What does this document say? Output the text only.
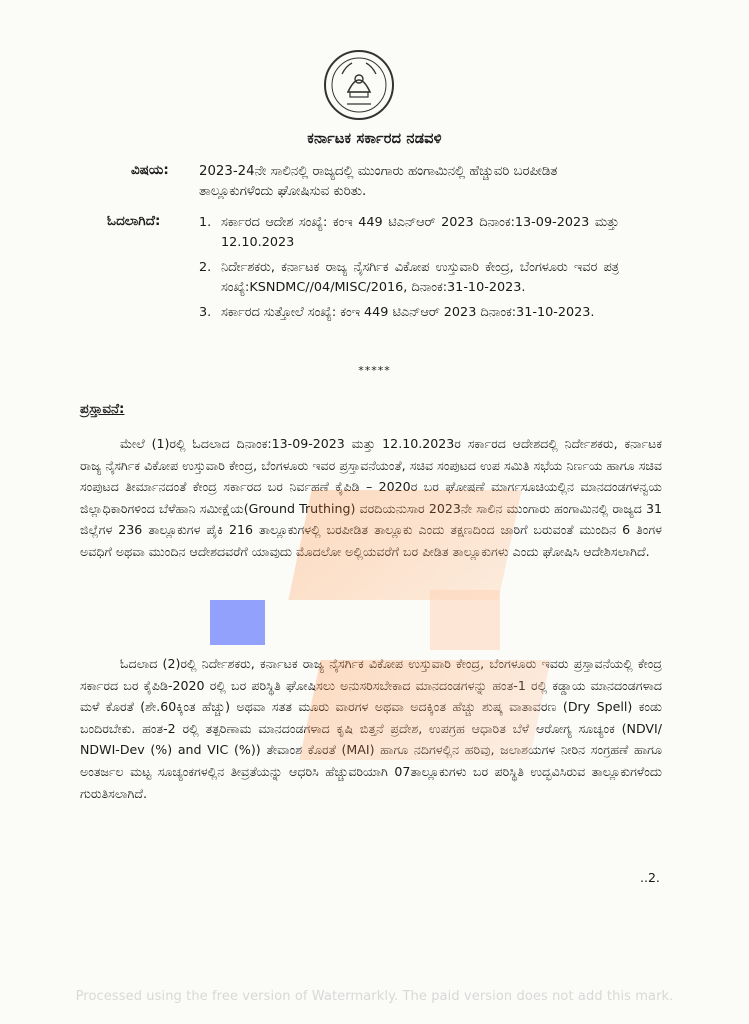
ಕರ್ನಾಟಕ ಸರ್ಕಾರದ ನಡವಳಿ
ವಿಷಯ: 2023-24ನೇ ಸಾಲಿನಲ್ಲಿ ರಾಜ್ಯದಲ್ಲಿ ಮುಂಗಾರು ಹಂಗಾಮಿನಲ್ಲಿ ಹೆಚ್ಚುವರಿ ಬರಪೀಡಿತ ತಾಲ್ಲೂಕುಗಳೆಂದು ಘೋಷಿಸುವ ಕುರಿತು.
ಓದಲಾಗಿದೆ:	1. ಸರ್ಕಾರದ ಆದೇಶ ಸಂಖ್ಯೆ: ಕಂಇ 449 ಟಿಎನ್‌ಆರ್ 2023 ದಿನಾಂಕ:13-09-2023 ಮತ್ತು 12.10.2023
2. ನಿರ್ದೇಶಕರು, ಕರ್ನಾಟಕ ರಾಜ್ಯ ನೈಸರ್ಗಿಕ ವಿಕೋಪ ಉಸ್ತುವಾರಿ ಕೇಂದ್ರ, ಬೆಂಗಳೂರು ಇವರ ಪತ್ರ ಸಂಖ್ಯೆ:KSNDMC//04/MISC/2016, ದಿನಾಂಕ:31-10-2023.
3. ಸರ್ಕಾರದ ಸುತ್ತೋಲೆ ಸಂಖ್ಯೆ: ಕಂಇ 449 ಟಿಎನ್‌ಆರ್ 2023 ದಿನಾಂಕ:31-10-2023.
*****
ಪ್ರಸ್ತಾವನೆ:

ಮೇಲೆ (1)ರಲ್ಲಿ ಓದಲಾದ ದಿನಾಂಕ:13-09-2023 ಮತ್ತು 12.10.2023ರ ಸರ್ಕಾರದ ಆದೇಶದಲ್ಲಿ ನಿರ್ದೇಶಕರು, ಕರ್ನಾಟಕ ರಾಜ್ಯ ನೈಸರ್ಗಿಕ ವಿಕೋಪ ಉಸ್ತುವಾರಿ ಕೇಂದ್ರ, ಬೆಂಗಳೂರು ಇವರ ಪ್ರಸ್ತಾವನೆಯಂತೆ, ಸಚಿವ ಸಂಪುಟದ ಉಪ ಸಮಿತಿ ಸಭೆಯ ನಿರ್ಣಯ ಹಾಗೂ ಸಚಿವ ಸಂಪುಟದ ತೀರ್ಮಾನದಂತೆ ಕೇಂದ್ರ ಸರ್ಕಾರದ ಬರ ನಿರ್ವಹಣೆ ಕೈಪಿಡಿ – 2020ರ ಬರ ಘೋಷಣೆ ಮಾರ್ಗಸೂಚಿಯಲ್ಲಿನ ಮಾನದಂಡಗಳನ್ವಯ ಜಿಲ್ಲಾಧಿಕಾರಿಗಳಿಂದ ಬೆಳೆಹಾನಿ ಸಮೀಕ್ಷೆಯ(Ground Truthing) ವರದಿಯನುಸಾರ 2023ನೇ ಸಾಲಿನ ಮುಂಗಾರು ಹಂಗಾಮಿನಲ್ಲಿ ರಾಜ್ಯದ 31 ಜಿಲ್ಲೆಗಳ 236 ತಾಲ್ಲೂಕುಗಳ ಪೈಕಿ 216 ತಾಲ್ಲೂಕುಗಳಲ್ಲಿ ಬರಪೀಡಿತ ತಾಲ್ಲೂಕು ಎಂದು ತಕ್ಷಣದಿಂದ ಜಾರಿಗೆ ಬರುವಂತೆ ಮುಂದಿನ 6 ತಿಂಗಳ ಅವಧಿಗೆ ಅಥವಾ ಮುಂದಿನ ಆದೇಶದವರೆಗೆ ಯಾವುದು ಮೊದಲೋ ಅಲ್ಲಿಯವರೆಗೆ ಬರ ಪೀಡಿತ ತಾಲ್ಲೂಕುಗಳು ಎಂದು ಘೋಷಿಸಿ ಆದೇಶಿಸಲಾಗಿದೆ.

ಓದಲಾದ (2)ರಲ್ಲಿ ನಿರ್ದೇಶಕರು, ಕರ್ನಾಟಕ ರಾಜ್ಯ ನೈಸರ್ಗಿಕ ವಿಕೋಪ ಉಸ್ತುವಾರಿ ಕೇಂದ್ರ, ಬೆಂಗಳೂರು ಇವರು ಪ್ರಸ್ತಾವನೆಯಲ್ಲಿ ಕೇಂದ್ರ ಸರ್ಕಾರದ ಬರ ಕೈಪಿಡಿ-2020 ರಲ್ಲಿ ಬರ ಪರಿಸ್ಥಿತಿ ಘೋಷಿಸಲು ಅನುಸರಿಸಬೇಕಾದ ಮಾನದಂಡಗಳನ್ನು ಹಂತ-1 ರಲ್ಲಿ ಕಡ್ಡಾಯ ಮಾನದಂಡಗಳಾದ ಮಳೆ ಕೊರತೆ (ಶೇ.60ಕ್ಕಿಂತ ಹೆಚ್ಚು) ಅಥವಾ ಸತತ ಮೂರು ವಾರಗಳ ಅಥವಾ ಅದಕ್ಕಿಂತ ಹೆಚ್ಚು ಶುಷ್ಕ ವಾತಾವರಣ (Dry Spell) ಕಂಡು ಬಂದಿರಬೇಕು. ಹಂತ-2 ರಲ್ಲಿ ತತ್ಪರಿಣಾಮ ಮಾನದಂಡಗಳಾದ ಕೃಷಿ ಬಿತ್ತನೆ ಪ್ರದೇಶ, ಉಪಗ್ರಹ ಆಧಾರಿತ ಬೆಳೆ ಆರೋಗ್ಯ ಸೂಚ್ಯಂಕ (NDVI/ NDWI-Dev (%) and VIC (%)) ತೇವಾಂಶ ಕೊರತೆ (MAI) ಹಾಗೂ ನದಿಗಳಲ್ಲಿನ ಹರಿವು, ಜಲಾಶಯಗಳ ನೀರಿನ ಸಂಗ್ರಹಣೆ ಹಾಗೂ ಅಂತರ್ಜಲ ಮಟ್ಟ ಸೂಚ್ಯಂಕಗಳಲ್ಲಿನ ತೀವ್ರತೆಯನ್ನು ಆಧರಿಸಿ ಹೆಚ್ಚುವರಿಯಾಗಿ 07ತಾಲ್ಲೂಕುಗಳು ಬರ ಪರಿಸ್ಥಿತಿ ಉದ್ಭವಿಸಿರುವ ತಾಲ್ಲೂಕುಗಳೆಂದು ಗುರುತಿಸಲಾಗಿದೆ.

..2.
Processed using the free version of Watermarkly. The paid version does not add this mark.
